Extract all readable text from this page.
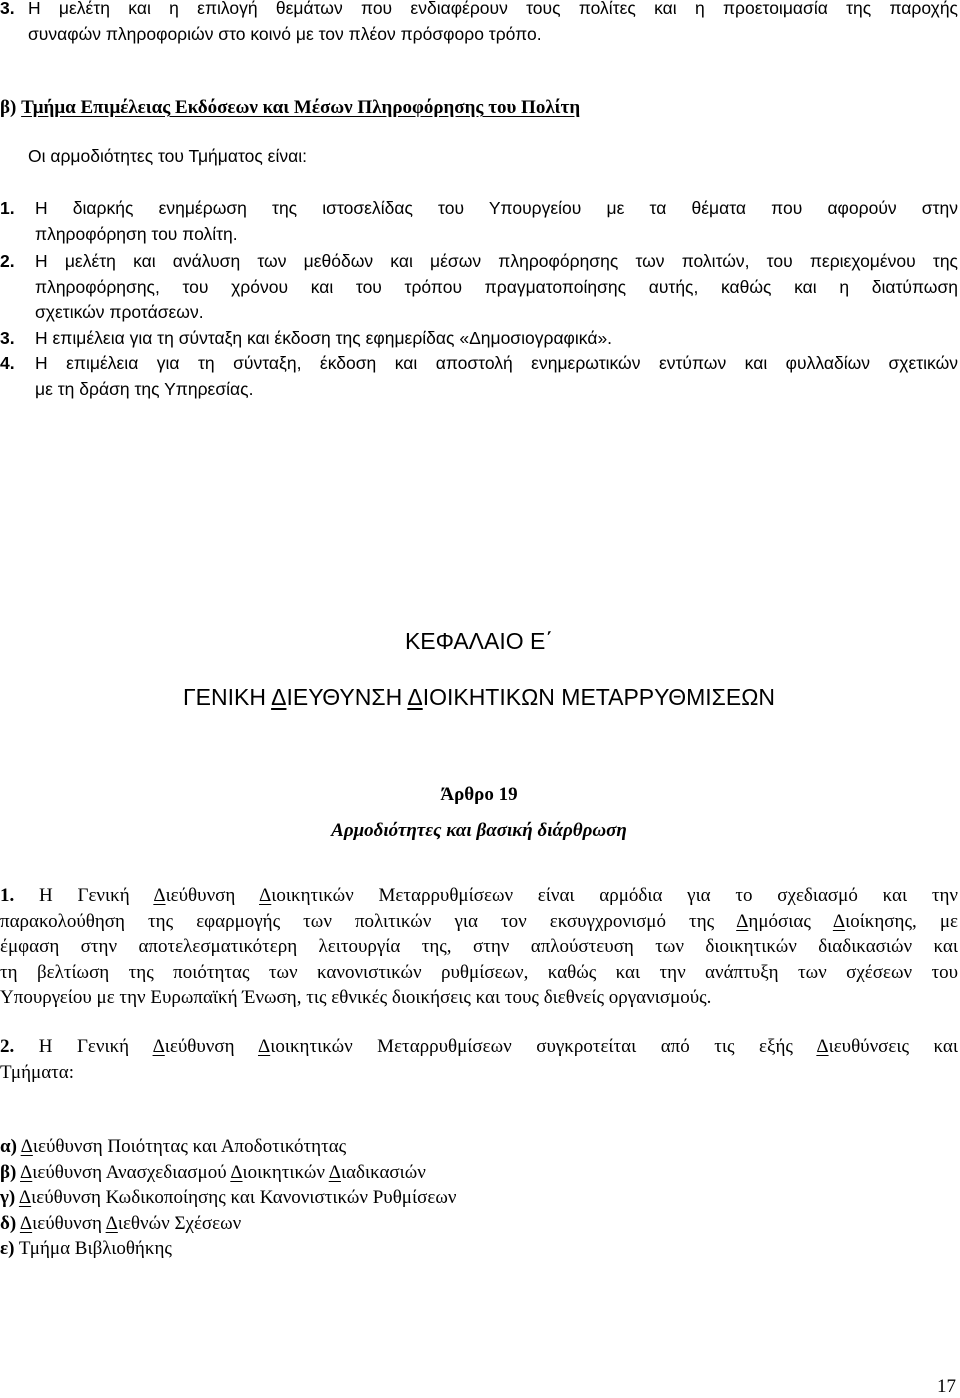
3. Η μελέτη και η επιλογή θεμάτων που ενδιαφέρουν τους πολίτες και η προετοιμασία της παροχής

συναφών πληροφοριών στο κοινό με τον πλέον πρόσφορο τρόπο.

β) Τμήμα Επιμέλειας Εκδόσεων και Μέσων Πληροφόρησης του Πολίτη
Οι αρμοδιότητες του Τμήματος είναι:

1.	Η διαρκής ενημέρωση της ιστοσελίδας του Υπουργείου με τα θέματα που αφορούν στην

πληροφόρηση του πολίτη.

2.	Η μελέτη και ανάλυση των μεθόδων και μέσων πληροφόρησης των πολιτών, του περιεχομένου της

πληροφόρησης, του χρόνου και του τρόπου πραγματοποίησης αυτής, καθώς και η διατύπωση

σχετικών προτάσεων.

3.	Η επιμέλεια για τη σύνταξη και έκδοση της εφημερίδας «Δημοσιογραφικά».

4.	Η επιμέλεια για τη σύνταξη, έκδοση και αποστολή ενημερωτικών εντύπων και φυλλαδίων σχετικών

με τη δράση της Υπηρεσίας.

ΚΕΦΑΛΑΙΟ Ε΄
ΓΕΝΙΚΗ ΔΙΕΥΘΥΝΣΗ ΔΙΟΙΚΗΤΙΚΩΝ ΜΕΤΑΡΡΥΘΜΙΣΕΩΝ
Άρθρο 19
Αρμοδιότητες και βασική διάρθρωση

1. Η Γενική Διεύθυνση Διοικητικών Μεταρρυθμίσεων είναι αρμόδια για το σχεδιασμό και την

παρακολούθηση της εφαρμογής των πολιτικών για τον εκσυγχρονισμό της Δημόσιας Διοίκησης, με

έμφαση στην αποτελεσματικότερη λειτουργία της, στην απλούστευση των διοικητικών διαδικασιών και

τη βελτίωση της ποιότητας των κανονιστικών ρυθμίσεων, καθώς και την ανάπτυξη των σχέσεων του

Υπουργείου με την Ευρωπαϊκή Ένωση, τις εθνικές διοικήσεις και τους διεθνείς οργανισμούς.

2. Η Γενική Διεύθυνση Διοικητικών Μεταρρυθμίσεων συγκροτείται από τις εξής Διευθύνσεις και

Τμήματα:

α) Διεύθυνση Ποιότητας και Αποδοτικότητας

β) Διεύθυνση Ανασχεδιασμού Διοικητικών Διαδικασιών

γ) Διεύθυνση Κωδικοποίησης και Κανονιστικών Ρυθμίσεων

δ) Διεύθυνση Διεθνών Σχέσεων

ε) Τμήμα Βιβλιοθήκης

17
